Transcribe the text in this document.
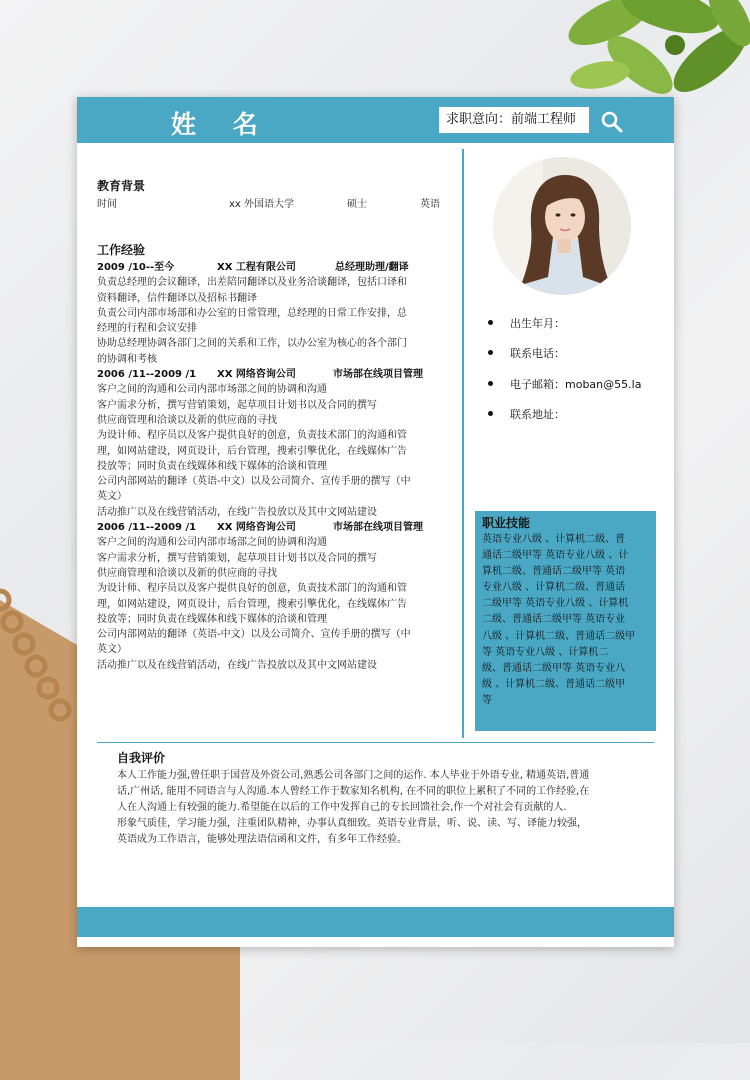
姓 名	求职意向：前端工程师
教育背景
时间	xx 外国语大学	硕士	英语
工作经验
2009 /10--至今	XX 工程有限公司	总经理助理/翻译

负责总经理的会议翻译，出差陪同翻译以及业务洽谈翻译，包括口译和

资料翻译，信件翻译以及招标书翻译

负责公司内部市场部和办公室的日常管理，总经理的日常工作安排，总

经理的行程和会议安排

协助总经理协调各部门之间的关系和工作，以办公室为核心的各个部门

的协调和考核

2006 /11--2009 /1 XX 网络咨询公司	市场部在线项目管理

客户之间的沟通和公司内部市场部之间的协调和沟通

客户需求分析，撰写营销策划，起草项目计划书以及合同的撰写

供应商管理和洽谈以及新的供应商的寻找

为设计师、程序员以及客户提供良好的创意，负责技术部门的沟通和管

理，如网站建设，网页设计，后台管理，搜索引擎优化，在线媒体广告

投放等；同时负责在线媒体和线下媒体的洽谈和管理

公司内部网站的翻译（英语-中文）以及公司简介、宣传手册的撰写（中

英文）

活动推广以及在线营销活动，在线广告投放以及其中文网站建设

2006 /11--2009 /1 XX 网络咨询公司	市场部在线项目管理

客户之间的沟通和公司内部市场部之间的协调和沟通

客户需求分析，撰写营销策划，起草项目计划书以及合同的撰写

供应商管理和洽谈以及新的供应商的寻找

为设计师、程序员以及客户提供良好的创意，负责技术部门的沟通和管

理，如网站建设，网页设计，后台管理，搜索引擎优化，在线媒体广告

投放等；同时负责在线媒体和线下媒体的洽谈和管理

公司内部网站的翻译（英语-中文）以及公司简介、宣传手册的撰写（中

英文）

活动推广以及在线营销活动，在线广告投放以及其中文网站建设

出生年月：
联系电话：
电子邮箱：moban@55.la
联系地址：
职业技能
英语专业八级 、计算机二级、普
通话二级甲等 英语专业八级 、计
算机二级、普通话二级甲等 英语
专业八级 、计算机二级、普通话
二级甲等 英语专业八级 、计算机
二级、普通话二级甲等 英语专业
八级 、计算机二级、普通话二级甲
等 英语专业八级 、计算机二
级、普通话二级甲等 英语专业八
级 、计算机二级、普通话二级甲
等
自我评价
本人工作能力强,曾任职于国营及外资公司,熟悉公司各部门之间的运作. 本人毕业于外语专业, 精通英语,普通
话,广州话, 能用不同语言与人沟通.本人曾经工作于数家知名机构, 在不同的职位上累积了不同的工作经验,在
人在人沟通上有较强的能力.希望能在以后的工作中发挥自己的专长回馈社会,作一个对社会有贡献的人.
形象气质佳，学习能力强，注重团队精神，办事认真细致。英语专业背景，听、说、读、写、译能力较强，
英语成为工作语言，能够处理法语信函和文件，有多年工作经验。
